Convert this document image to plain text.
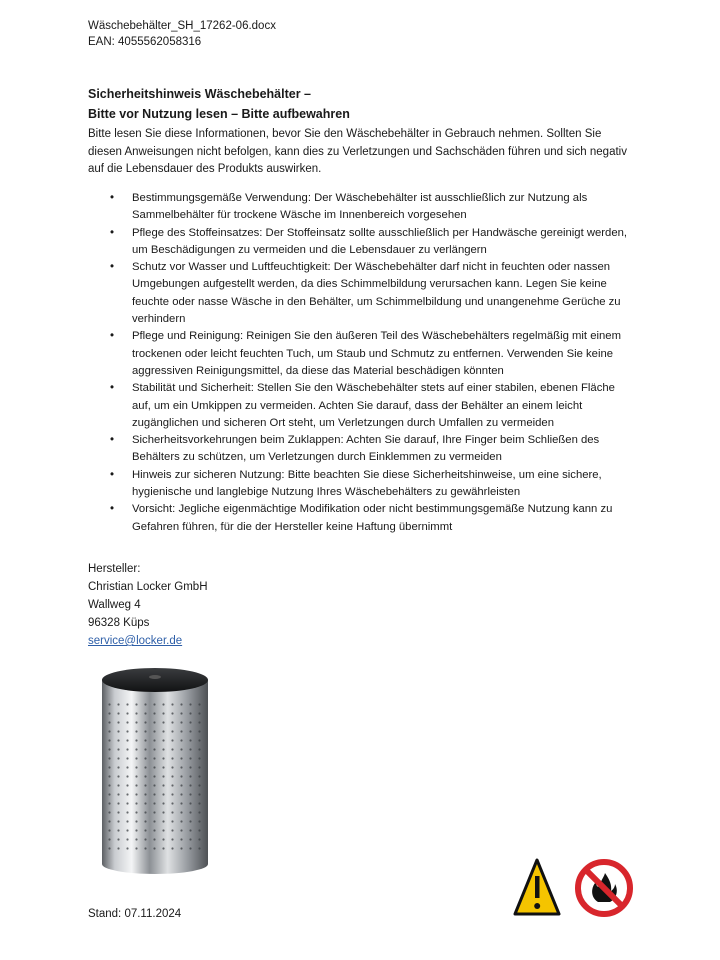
Wäschebehälter_SH_17262-06.docx
EAN: 4055562058316
Sicherheitshinweis Wäschebehälter –
Bitte vor Nutzung lesen – Bitte aufbewahren
Bitte lesen Sie diese Informationen, bevor Sie den Wäschebehälter in Gebrauch nehmen. Sollten Sie diesen Anweisungen nicht befolgen, kann dies zu Verletzungen und Sachschäden führen und sich negativ auf die Lebensdauer des Produkts auswirken.
• Bestimmungsgemäße Verwendung: Der Wäschebehälter ist ausschließlich zur Nutzung als Sammelbehälter für trockene Wäsche im Innenbereich vorgesehen
• Pflege des Stoffeinsatzes: Der Stoffeinsatz sollte ausschließlich per Handwäsche gereinigt werden, um Beschädigungen zu vermeiden und die Lebensdauer zu verlängern
• Schutz vor Wasser und Luftfeuchtigkeit: Der Wäschebehälter darf nicht in feuchten oder nassen Umgebungen aufgestellt werden, da dies Schimmelbildung verursachen kann. Legen Sie keine feuchte oder nasse Wäsche in den Behälter, um Schimmelbildung und unangenehme Gerüche zu verhindern
• Pflege und Reinigung: Reinigen Sie den äußeren Teil des Wäschebehälters regelmäßig mit einem trockenen oder leicht feuchten Tuch, um Staub und Schmutz zu entfernen. Verwenden Sie keine aggressiven Reinigungsmittel, da diese das Material beschädigen könnten
• Stabilität und Sicherheit: Stellen Sie den Wäschebehälter stets auf einer stabilen, ebenen Fläche auf, um ein Umkippen zu vermeiden. Achten Sie darauf, dass der Behälter an einem leicht zugänglichen und sicheren Ort steht, um Verletzungen durch Umfallen zu vermeiden
• Sicherheitsvorkehrungen beim Zuklappen: Achten Sie darauf, Ihre Finger beim Schließen des Behälters zu schützen, um Verletzungen durch Einklemmen zu vermeiden
• Hinweis zur sicheren Nutzung: Bitte beachten Sie diese Sicherheitshinweise, um eine sichere, hygienische und langlebige Nutzung Ihres Wäschebehälters zu gewährleisten
• Vorsicht: Jegliche eigenmächtige Modifikation oder nicht bestimmungsgemäße Nutzung kann zu Gefahren führen, für die der Hersteller keine Haftung übernimmt
Hersteller:
Christian Locker GmbH
Wallweg 4
96328 Küps
service@locker.de
Stand: 07.11.2024
